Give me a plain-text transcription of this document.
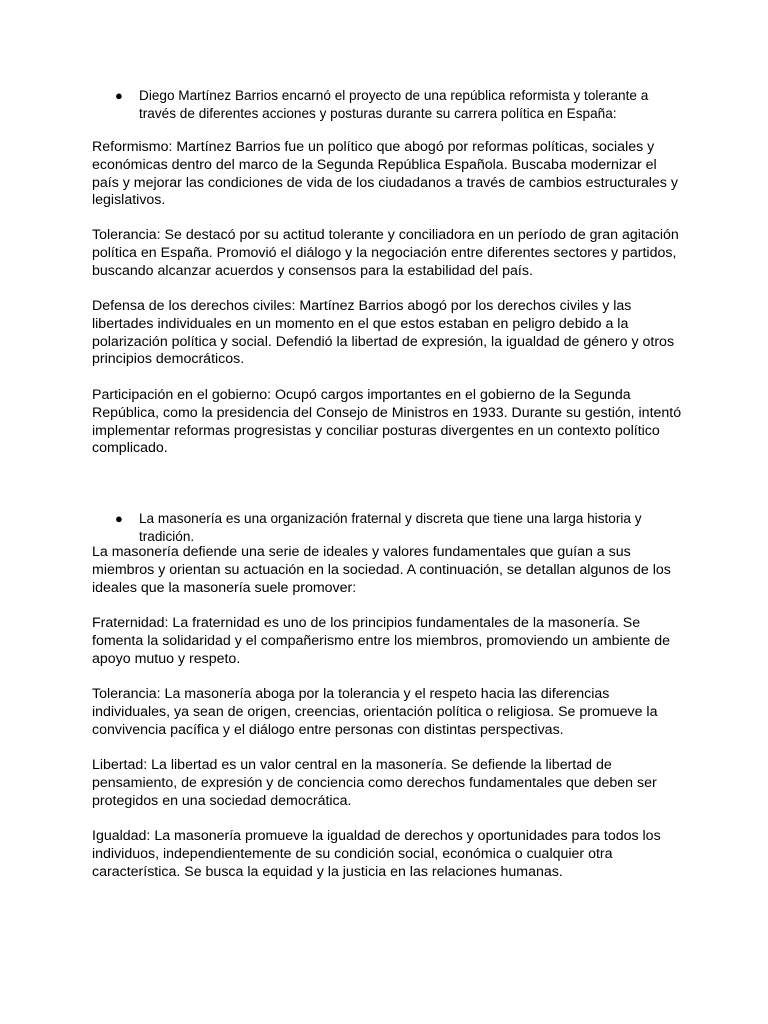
● Diego Martínez Barrios encarnó el proyecto de una república reformista y tolerante a través de diferentes acciones y posturas durante su carrera política en España:

Reformismo: Martínez Barrios fue un político que abogó por reformas políticas, sociales y económicas dentro del marco de la Segunda República Española. Buscaba modernizar el país y mejorar las condiciones de vida de los ciudadanos a través de cambios estructurales y legislativos.

Tolerancia: Se destacó por su actitud tolerante y conciliadora en un período de gran agitación política en España. Promovió el diálogo y la negociación entre diferentes sectores y partidos, buscando alcanzar acuerdos y consensos para la estabilidad del país.

Defensa de los derechos civiles: Martínez Barrios abogó por los derechos civiles y las libertades individuales en un momento en el que estos estaban en peligro debido a la polarización política y social. Defendió la libertad de expresión, la igualdad de género y otros principios democráticos.

Participación en el gobierno: Ocupó cargos importantes en el gobierno de la Segunda República, como la presidencia del Consejo de Ministros en 1933. Durante su gestión, intentó implementar reformas progresistas y conciliar posturas divergentes en un contexto político complicado.

● La masonería es una organización fraternal y discreta que tiene una larga historia y tradición.

La masonería defiende una serie de ideales y valores fundamentales que guían a sus miembros y orientan su actuación en la sociedad. A continuación, se detallan algunos de los ideales que la masonería suele promover:

Fraternidad: La fraternidad es uno de los principios fundamentales de la masonería. Se fomenta la solidaridad y el compañerismo entre los miembros, promoviendo un ambiente de apoyo mutuo y respeto.

Tolerancia: La masonería aboga por la tolerancia y el respeto hacia las diferencias individuales, ya sean de origen, creencias, orientación política o religiosa. Se promueve la convivencia pacífica y el diálogo entre personas con distintas perspectivas.

Libertad: La libertad es un valor central en la masonería. Se defiende la libertad de pensamiento, de expresión y de conciencia como derechos fundamentales que deben ser protegidos en una sociedad democrática.

Igualdad: La masonería promueve la igualdad de derechos y oportunidades para todos los individuos, independientemente de su condición social, económica o cualquier otra característica. Se busca la equidad y la justicia en las relaciones humanas.
